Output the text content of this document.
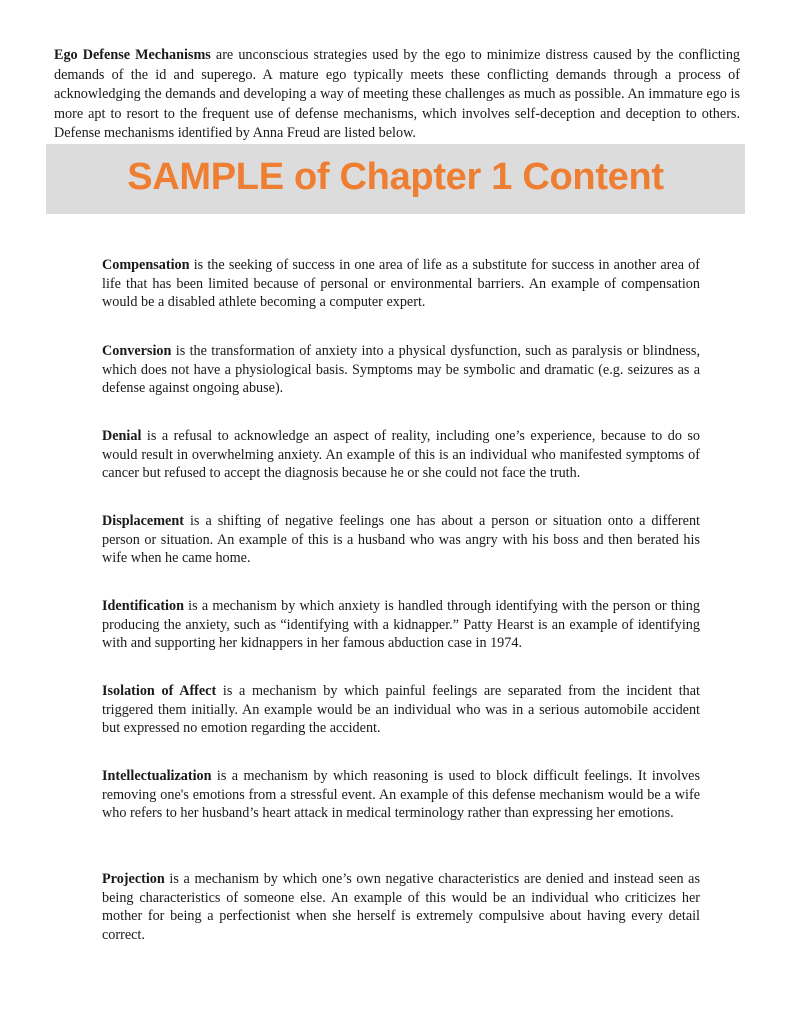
Ego Defense Mechanisms are unconscious strategies used by the ego to minimize distress caused by the conflicting demands of the id and superego. A mature ego typically meets these conflicting demands through a process of acknowledging the demands and developing a way of meeting these challenges as much as possible. An immature ego is more apt to resort to the frequent use of defense mechanisms, which involves self-deception and deception to others. Defense mechanisms identified by Anna Freud are listed below.

SAMPLE of Chapter 1 Content

Compensation is the seeking of success in one area of life as a substitute for success in another area of life that has been limited because of personal or environmental barriers. An example of compensation would be a disabled athlete becoming a computer expert.

Conversion is the transformation of anxiety into a physical dysfunction, such as paralysis or blindness, which does not have a physiological basis. Symptoms may be symbolic and dramatic (e.g. seizures as a defense against ongoing abuse).

Denial is a refusal to acknowledge an aspect of reality, including one’s experience, because to do so would result in overwhelming anxiety. An example of this is an individual who manifested symptoms of cancer but refused to accept the diagnosis because he or she could not face the truth.

Displacement is a shifting of negative feelings one has about a person or situation onto a different person or situation. An example of this is a husband who was angry with his boss and then berated his wife when he came home.

Identification is a mechanism by which anxiety is handled through identifying with the person or thing producing the anxiety, such as “identifying with a kidnapper.” Patty Hearst is an example of identifying with and supporting her kidnappers in her famous abduction case in 1974.

Isolation of Affect is a mechanism by which painful feelings are separated from the incident that triggered them initially. An example would be an individual who was in a serious automobile accident but expressed no emotion regarding the accident.

Intellectualization is a mechanism by which reasoning is used to block difficult feelings. It involves removing one's emotions from a stressful event. An example of this defense mechanism would be a wife who refers to her husband’s heart attack in medical terminology rather than expressing her emotions.

Projection is a mechanism by which one’s own negative characteristics are denied and instead seen as being characteristics of someone else. An example of this would be an individual who criticizes her mother for being a perfectionist when she herself is extremely compulsive about having every detail correct.
